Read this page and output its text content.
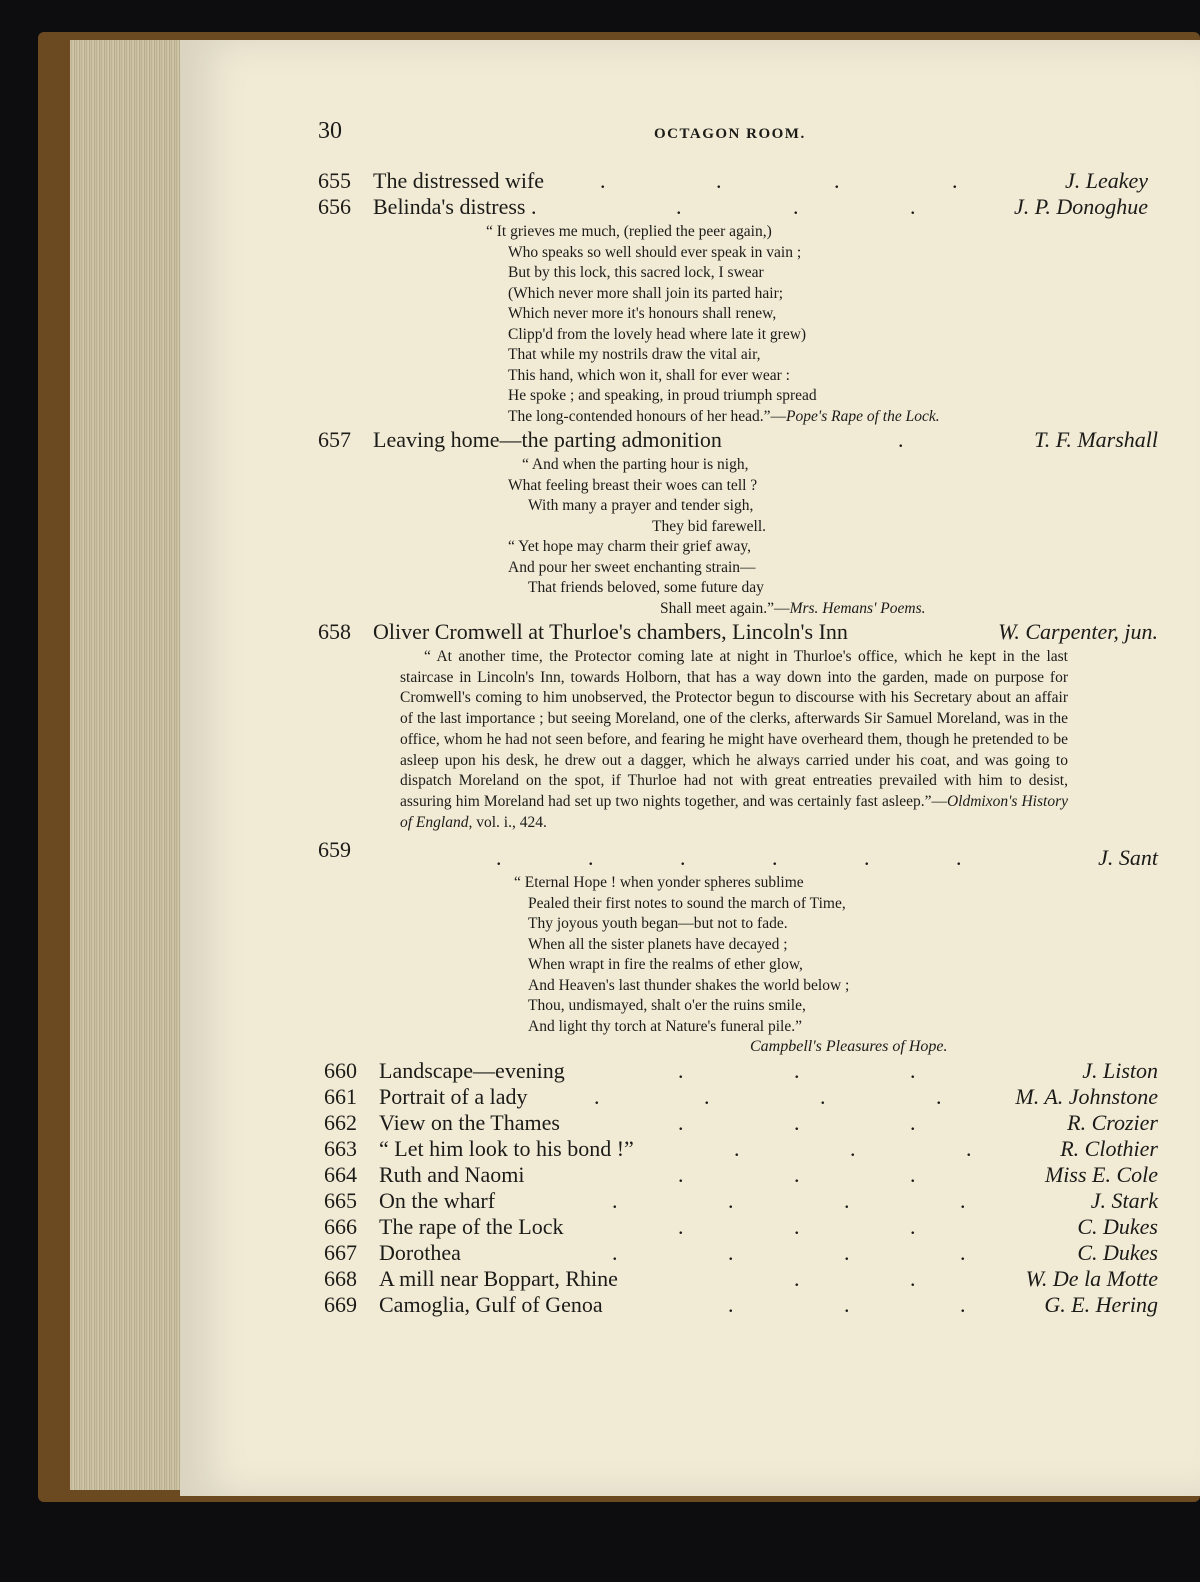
30	OCTAGON ROOM.
655	The distressed wife	.	.	.	.	J. Leakey
656	Belinda's distress .	.	.	.	J. P. Donoghue
“ It grieves me much, (replied the peer again,)
Who speaks so well should ever speak in vain ;
But by this lock, this sacred lock, I swear
(Which never more shall join its parted hair;
Which never more it's honours shall renew,
Clipp'd from the lovely head where late it grew)
That while my nostrils draw the vital air,
This hand, which won it, shall for ever wear :
He spoke ; and speaking, in proud triumph spread
The long-contended honours of her head.”—Pope's Rape of the Lock.
657	Leaving home—the parting admonition	.	T. F. Marshall
“ And when the parting hour is nigh,
What feeling breast their woes can tell ?
With many a prayer and tender sigh,
They bid farewell.
“ Yet hope may charm their grief away,
And pour her sweet enchanting strain—
That friends beloved, some future day
Shall meet again.”—Mrs. Hemans' Poems.
658	Oliver Cromwell at Thurloe's chambers, Lincoln's Inn	W. Carpenter, jun.
“ At another time, the Protector coming late at night in Thurloe's office, which he kept in the last staircase in Lincoln's Inn, towards Holborn, that has a way down into the garden, made on purpose for Cromwell's coming to him unobserved, the Protector begun to discourse with his Secretary about an affair of the last importance ; but seeing Moreland, one of the clerks, afterwards Sir Samuel Moreland, was in the office, whom he had not seen before, and fearing he might have overheard them, though he pretended to be asleep upon his desk, he drew out a dagger, which he always carried under his coat, and was going to dispatch Moreland on the spot, if Thurloe had not with great entreaties prevailed with him to desist, assuring him Moreland had set up two nights together, and was certainly fast asleep.”—Oldmixon's History of England, vol. i., 424.
659	.	.	.	.	.	.	J. Sant
“ Eternal Hope ! when yonder spheres sublime
Pealed their first notes to sound the march of Time,
Thy joyous youth began—but not to fade.
When all the sister planets have decayed ;
When wrapt in fire the realms of ether glow,
And Heaven's last thunder shakes the world below ;
Thou, undismayed, shalt o'er the ruins smile,
And light thy torch at Nature's funeral pile.”
Campbell's Pleasures of Hope.
660	Landscape—evening	.	.	.	J. Liston
661	Portrait of a lady	.	.	.	.	M. A. Johnstone
662	View on the Thames	.	.	.	R. Crozier
663	“ Let him look to his bond !”	.	.	.	R. Clothier
664	Ruth and Naomi	.	.	.	Miss E. Cole
665	On the wharf	.	.	.	.	J. Stark
666	The rape of the Lock	.	.	.	C. Dukes
667	Dorothea	.	.	.	.	C. Dukes
668	A mill near Boppart, Rhine	.	.	W. De la Motte
669	Camoglia, Gulf of Genoa	.	.	.	G. E. Hering
